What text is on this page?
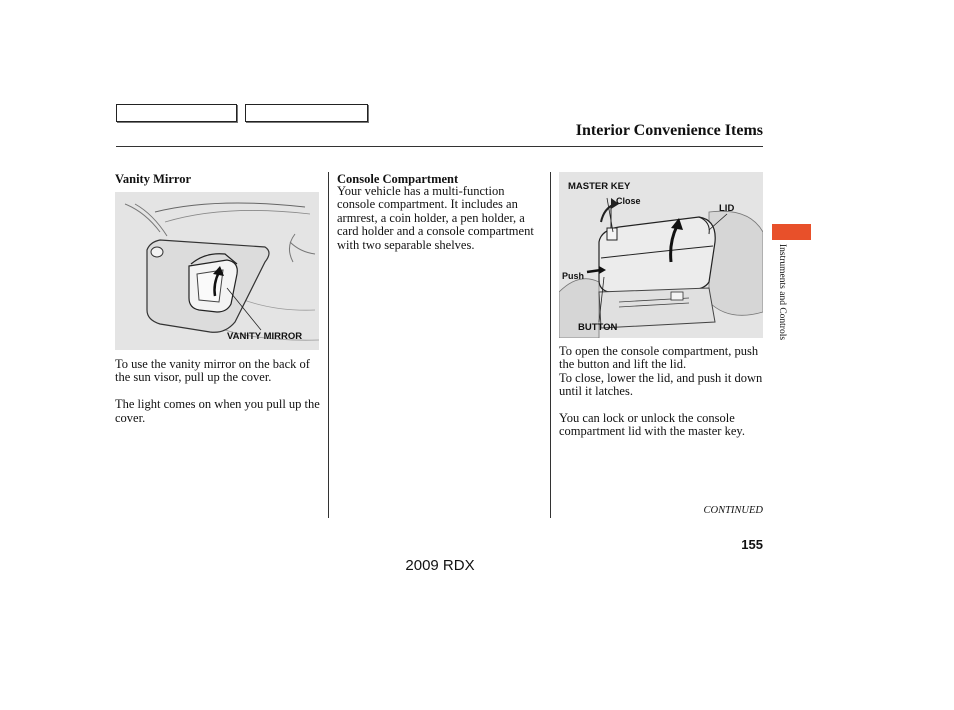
Interior Convenience Items
Vanity Mirror
VANITY MIRROR

To use the vanity mirror on the back of the sun visor, pull up the cover.

The light comes on when you pull up the cover.

Console Compartment

Your vehicle has a multi-function console compartment. It includes an armrest, a coin holder, a pen holder, a card holder and a console compartment with two separable shelves.

MASTER KEY
Close
LID
Push
BUTTON

To open the console compartment, push the button and lift the lid.

To close, lower the lid, and push it down until it latches.

You can lock or unlock the console compartment lid with the master key.

Instruments and Controls
CONTINUED
155
2009 RDX
